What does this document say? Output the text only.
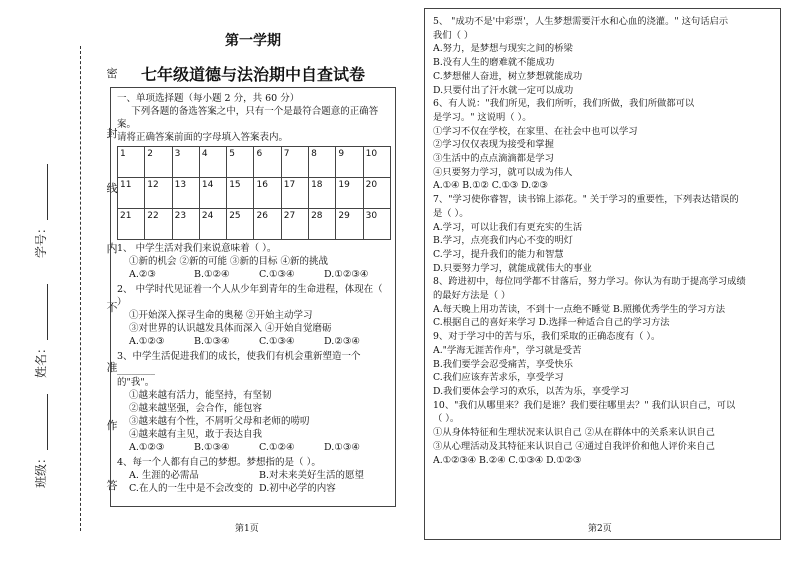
密
封
线
内
不
准
作
答
学号：
姓名：
班级：
第一学期
七年级道德与法治期中自查试卷
一、单项选择题（每小题 2 分，共 60 分）
下列各题的备选答案之中，只有一个是最符合题意的正确答案。
请将正确答案前面的字母填入答案表内。
1	2	3	4	5	6	7	8	9	10
11	12	13	14	15	16	17	18	19	20
21	22	23	24	25	26	27	28	29	30
1、 中学生活对我们来说意味着（ ）。
①新的机会 ②新的可能 ③新的目标 ④新的挑战
A.②③	B.①②④	C.①③④	D.①②③④
2、 中学时代见证着一个人从少年到青年的生命进程，体现在（ ）
①开始深入探寻生命的奥秘 ②开始主动学习
③对世界的认识越发具体而深入 ④开始自觉磨砺
A.①②③	B.①③④	C.①③④	D.②③④
3、中学生活促进我们的成长，使我们有机会重新塑造一个________
的"我"。
①越来越有活力，能坚持，有坚韧
②越来越坚强，会合作，能包容
③越来越有个性，不屑听父母和老师的唠叨
④越来越有主见，敢于表达自我
A.①②③	B.①③④	C.①②④	D.①③④
4、每一个人都有自己的梦想。梦想指的是（ ）。
A. 生涯的必需品	B.对未来美好生活的愿望
C.在人的一生中是不会改变的 D.初中必学的内容
第1页
5、 "成功不是'中彩票'，人生梦想需要汗水和心血的浇灌。" 这句话启示
我们（ ）
A.努力，是梦想与现实之间的桥梁
B.没有人生的磨难就不能成功
C.梦想催人奋进，树立梦想就能成功
D.只要付出了汗水就一定可以成功
6、有人说："我们所见，我们所听，我们所做，我们所做都可以
是学习。" 这说明（ ）。
①学习不仅在学校，在家里、在社会中也可以学习
②学习仅仅表现为接受和掌握
③生活中的点点滴滴都是学习
④只要努力学习，就可以成为伟人
A.①④ B.①② C.①③ D.②③
7、"学习使你睿智，读书锦上添花。" 关于学习的重要性，下列表达错误的
是（ ）。
A.学习，可以让我们有更充实的生活
B.学习，点亮我们内心不变的明灯
C.学习，提升我们的能力和智慧
D.只要努力学习，就能成就伟大的事业
8、跨进初中，每位同学都不甘落后，努力学习。你认为有助于提高学习成绩
的最好方法是（ ）
A.每天晚上用功苦读，不到十一点绝不睡觉 B.照搬优秀学生的学习方法
C.根据自己的喜好来学习 D.选择一种适合自己的学习方法
9、对于学习中的苦与乐，我们采取的正确态度有（ ）。
A."学海无涯苦作舟"，学习就是受苦
B.我们要学会忍受痛苦，享受快乐
C.我们应该弃苦求乐，享受学习
D.我们要体会学习的欢乐，以苦为乐，享受学习
10、"我们从哪里来？我们是谁？我们要往哪里去？" 我们认识自己，可以
（ ）。
①从身体特征和生理状况来认识自己 ②从在群体中的关系来认识自己
③从心理活动及其特征来认识自己 ④通过自我评价和他人评价来自己
A.①②③④ B.②④ C.①③④ D.①②③
第2页
